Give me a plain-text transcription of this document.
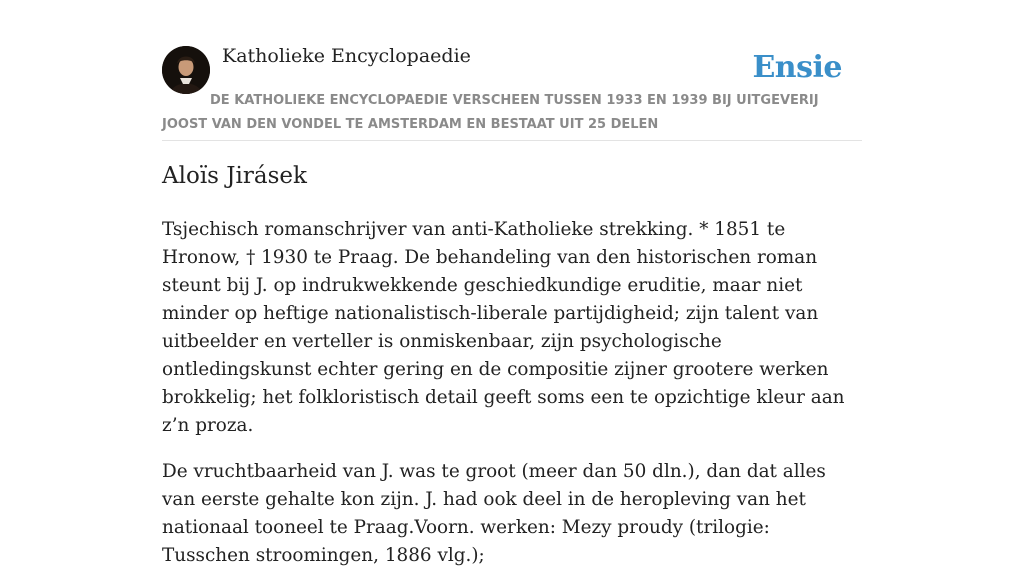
Katholieke Encyclopaedie	Ensie
DE KATHOLIEKE ENCYCLOPAEDIE VERSCHEEN TUSSEN 1933 EN 1939 BIJ UITGEVERIJ JOOST VAN DEN VONDEL TE AMSTERDAM EN BESTAAT UIT 25 DELEN
Aloïs Jirásek

Tsjechisch romanschrijver van anti-Katholieke strekking. * 1851 te Hronow, † 1930 te Praag. De behandeling van den historischen roman steunt bij J. op indrukwekkende geschiedkundige eruditie, maar niet minder op heftige nationalistisch-liberale partijdigheid; zijn talent van uitbeelder en verteller is onmiskenbaar, zijn psychologische ontledingskunst echter gering en de compositie zijner grootere werken brokkelig; het folkloristisch detail geeft soms een te opzichtige kleur aan z’n proza.

De vruchtbaarheid van J. was te groot (meer dan 50 dln.), dan dat alles van eerste gehalte kon zijn. J. had ook deel in de heropleving van het nationaal tooneel te Praag.Voorn. werken: Mezy proudy (trilogie: Tusschen stroomingen, 1886 vlg.);
